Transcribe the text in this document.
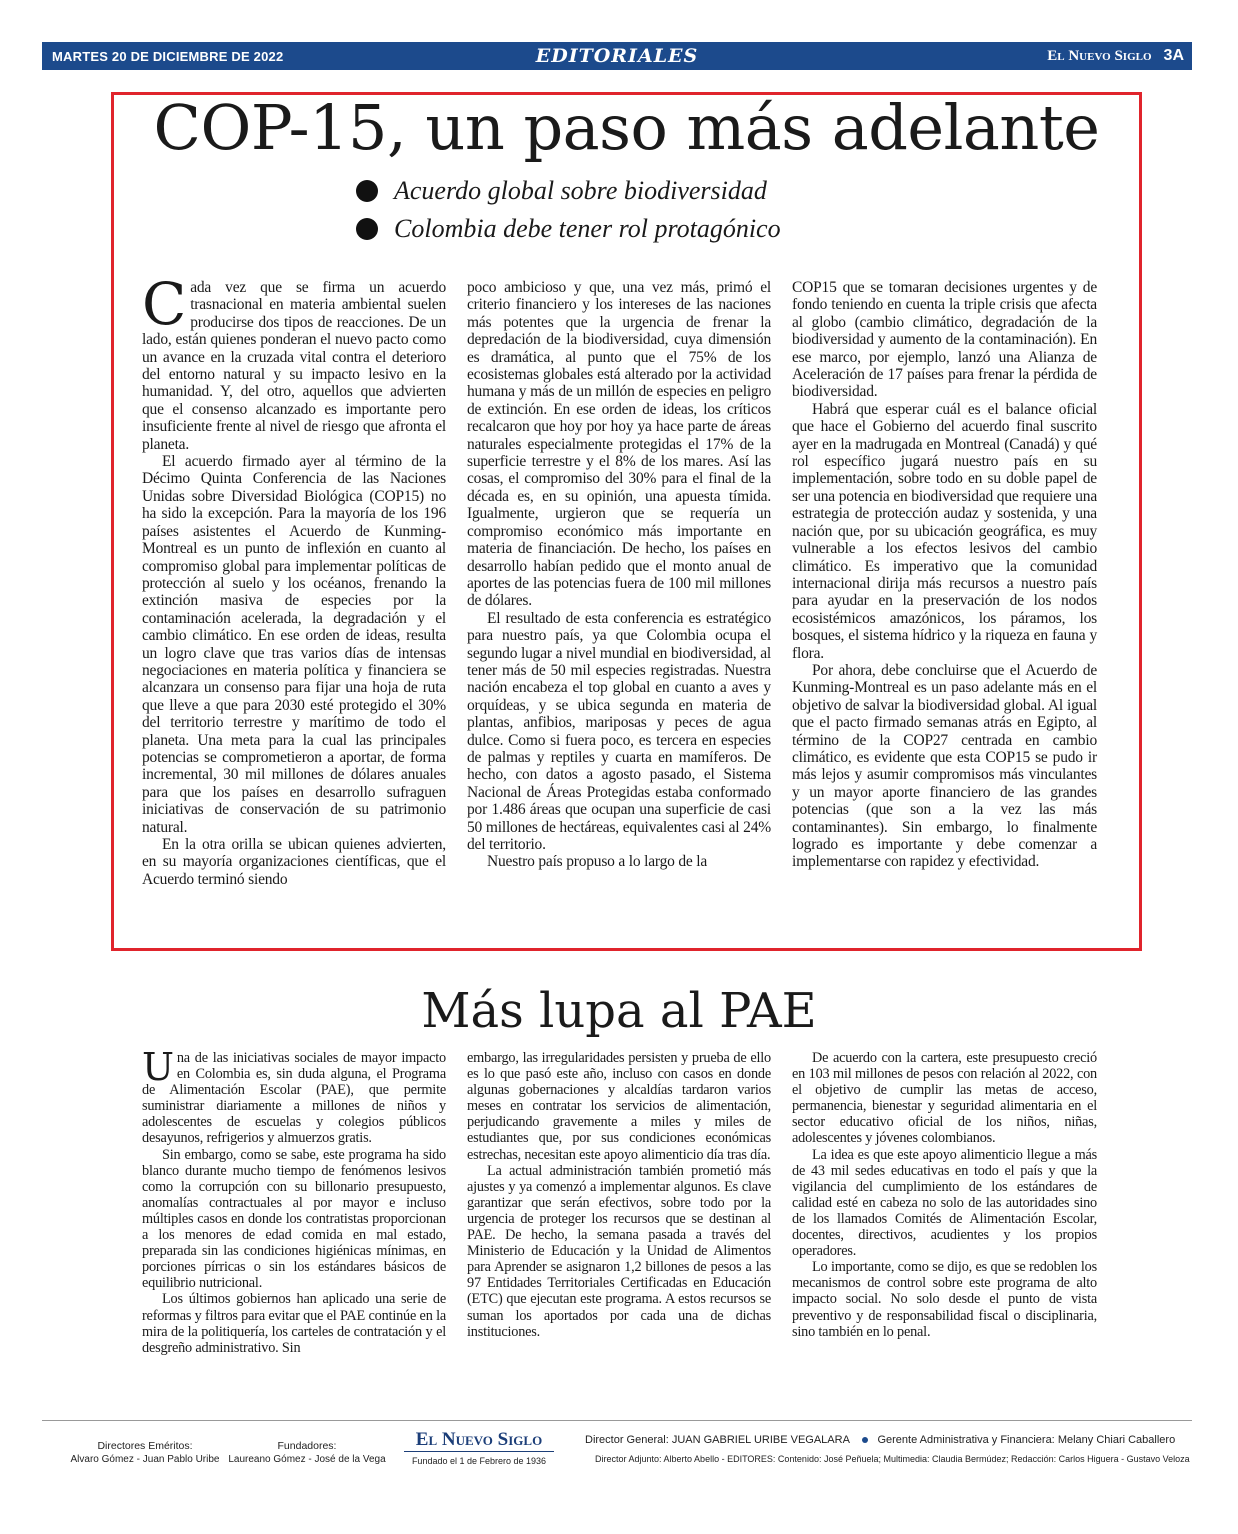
MARTES 20 DE DICIEMBRE DE 2022	EDITORIALES	El Nuevo Siglo 3A
COP-15, un paso más adelante
Acuerdo global sobre biodiversidad
Colombia debe tener rol protagónico

Cada vez que se firma un acuerdo trasnacional en materia ambiental suelen producirse dos tipos de reacciones. De un lado, están quienes ponderan el nuevo pacto como un avance en la cruzada vital contra el deterioro del entorno natural y su impacto lesivo en la humanidad. Y, del otro, aquellos que advierten que el consenso alcanzado es importante pero insuficiente frente al nivel de riesgo que afronta el planeta.

El acuerdo firmado ayer al término de la Décimo Quinta Conferencia de las Naciones Unidas sobre Diversidad Biológica (COP15) no ha sido la excepción. Para la mayoría de los 196 países asistentes el Acuerdo de Kunming-Montreal es un punto de inflexión en cuanto al compromiso global para implementar políticas de protección al suelo y los océanos, frenando la extinción masiva de especies por la contaminación acelerada, la degradación y el cambio climático. En ese orden de ideas, resulta un logro clave que tras varios días de intensas negociaciones en materia política y financiera se alcanzara un consenso para fijar una hoja de ruta que lleve a que para 2030 esté protegido el 30% del territorio terrestre y marítimo de todo el planeta. Una meta para la cual las principales potencias se comprometieron a aportar, de forma incremental, 30 mil millones de dólares anuales para que los países en desarrollo sufraguen iniciativas de conservación de su patrimonio natural.

En la otra orilla se ubican quienes advierten, en su mayoría organizaciones científicas, que el Acuerdo terminó siendo

poco ambicioso y que, una vez más, primó el criterio financiero y los intereses de las naciones más potentes que la urgencia de frenar la depredación de la biodiversidad, cuya dimensión es dramática, al punto que el 75% de los ecosistemas globales está alterado por la actividad humana y más de un millón de especies en peligro de extinción. En ese orden de ideas, los críticos recalcaron que hoy por hoy ya hace parte de áreas naturales especialmente protegidas el 17% de la superficie terrestre y el 8% de los mares. Así las cosas, el compromiso del 30% para el final de la década es, en su opinión, una apuesta tímida. Igualmente, urgieron que se requería un compromiso económico más importante en materia de financiación. De hecho, los países en desarrollo habían pedido que el monto anual de aportes de las potencias fuera de 100 mil millones de dólares.

El resultado de esta conferencia es estratégico para nuestro país, ya que Colombia ocupa el segundo lugar a nivel mundial en biodiversidad, al tener más de 50 mil especies registradas. Nuestra nación encabeza el top global en cuanto a aves y orquídeas, y se ubica segunda en materia de plantas, anfibios, mariposas y peces de agua dulce. Como si fuera poco, es tercera en especies de palmas y reptiles y cuarta en mamíferos. De hecho, con datos a agosto pasado, el Sistema Nacional de Áreas Protegidas estaba conformado por 1.486 áreas que ocupan una superficie de casi 50 millones de hectáreas, equivalentes casi al 24% del territorio.

Nuestro país propuso a lo largo de la

COP15 que se tomaran decisiones urgentes y de fondo teniendo en cuenta la triple crisis que afecta al globo (cambio climático, degradación de la biodiversidad y aumento de la contaminación). En ese marco, por ejemplo, lanzó una Alianza de Aceleración de 17 países para frenar la pérdida de biodiversidad.

Habrá que esperar cuál es el balance oficial que hace el Gobierno del acuerdo final suscrito ayer en la madrugada en Montreal (Canadá) y qué rol específico jugará nuestro país en su implementación, sobre todo en su doble papel de ser una potencia en biodiversidad que requiere una estrategia de protección audaz y sostenida, y una nación que, por su ubicación geográfica, es muy vulnerable a los efectos lesivos del cambio climático. Es imperativo que la comunidad internacional dirija más recursos a nuestro país para ayudar en la preservación de los nodos ecosistémicos amazónicos, los páramos, los bosques, el sistema hídrico y la riqueza en fauna y flora.

Por ahora, debe concluirse que el Acuerdo de Kunming-Montreal es un paso adelante más en el objetivo de salvar la biodiversidad global. Al igual que el pacto firmado semanas atrás en Egipto, al término de la COP27 centrada en cambio climático, es evidente que esta COP15 se pudo ir más lejos y asumir compromisos más vinculantes y un mayor aporte financiero de las grandes potencias (que son a la vez las más contaminantes). Sin embargo, lo finalmente logrado es importante y debe comenzar a implementarse con rapidez y efectividad.

Más lupa al PAE

Una de las iniciativas sociales de mayor impacto en Colombia es, sin duda alguna, el Programa de Alimentación Escolar (PAE), que permite suministrar diariamente a millones de niños y adolescentes de escuelas y colegios públicos desayunos, refrigerios y almuerzos gratis.

Sin embargo, como se sabe, este programa ha sido blanco durante mucho tiempo de fenómenos lesivos como la corrupción con su billonario presupuesto, anomalías contractuales al por mayor e incluso múltiples casos en donde los contratistas proporcionan a los menores de edad comida en mal estado, preparada sin las condiciones higiénicas mínimas, en porciones pírricas o sin los estándares básicos de equilibrio nutricional.

Los últimos gobiernos han aplicado una serie de reformas y filtros para evitar que el PAE continúe en la mira de la politiquería, los carteles de contratación y el desgreño administrativo. Sin

embargo, las irregularidades persisten y prueba de ello es lo que pasó este año, incluso con casos en donde algunas gobernaciones y alcaldías tardaron varios meses en contratar los servicios de alimentación, perjudicando gravemente a miles y miles de estudiantes que, por sus condiciones económicas estrechas, necesitan este apoyo alimenticio día tras día.

La actual administración también prometió más ajustes y ya comenzó a implementar algunos. Es clave garantizar que serán efectivos, sobre todo por la urgencia de proteger los recursos que se destinan al PAE. De hecho, la semana pasada a través del Ministerio de Educación y la Unidad de Alimentos para Aprender se asignaron 1,2 billones de pesos a las 97 Entidades Territoriales Certificadas en Educación (ETC) que ejecutan este programa. A estos recursos se suman los aportados por cada una de dichas instituciones.

De acuerdo con la cartera, este presupuesto creció en 103 mil millones de pesos con relación al 2022, con el objetivo de cumplir las metas de acceso, permanencia, bienestar y seguridad alimentaria en el sector educativo oficial de los niños, niñas, adolescentes y jóvenes colombianos.

La idea es que este apoyo alimenticio llegue a más de 43 mil sedes educativas en todo el país y que la vigilancia del cumplimiento de los estándares de calidad esté en cabeza no solo de las autoridades sino de los llamados Comités de Alimentación Escolar, docentes, directivos, acudientes y los propios operadores.

Lo importante, como se dijo, es que se redoblen los mecanismos de control sobre este programa de alto impacto social. No solo desde el punto de vista preventivo y de responsabilidad fiscal o disciplinaria, sino también en lo penal.

Directores Eméritos:
Alvaro Gómez - Juan Pablo Uribe
Fundadores:
Laureano Gómez - José de la Vega
El Nuevo Siglo
Fundado el 1 de Febrero de 1936
Director General: JUAN GABRIEL URIBE VEGALARA	Gerente Administrativa y Financiera: Melany Chiari Caballero
Director Adjunto: Alberto Abello - EDITORES: Contenido: José Peñuela; Multimedia: Claudia Bermúdez; Redacción: Carlos Higuera - Gustavo Veloza
